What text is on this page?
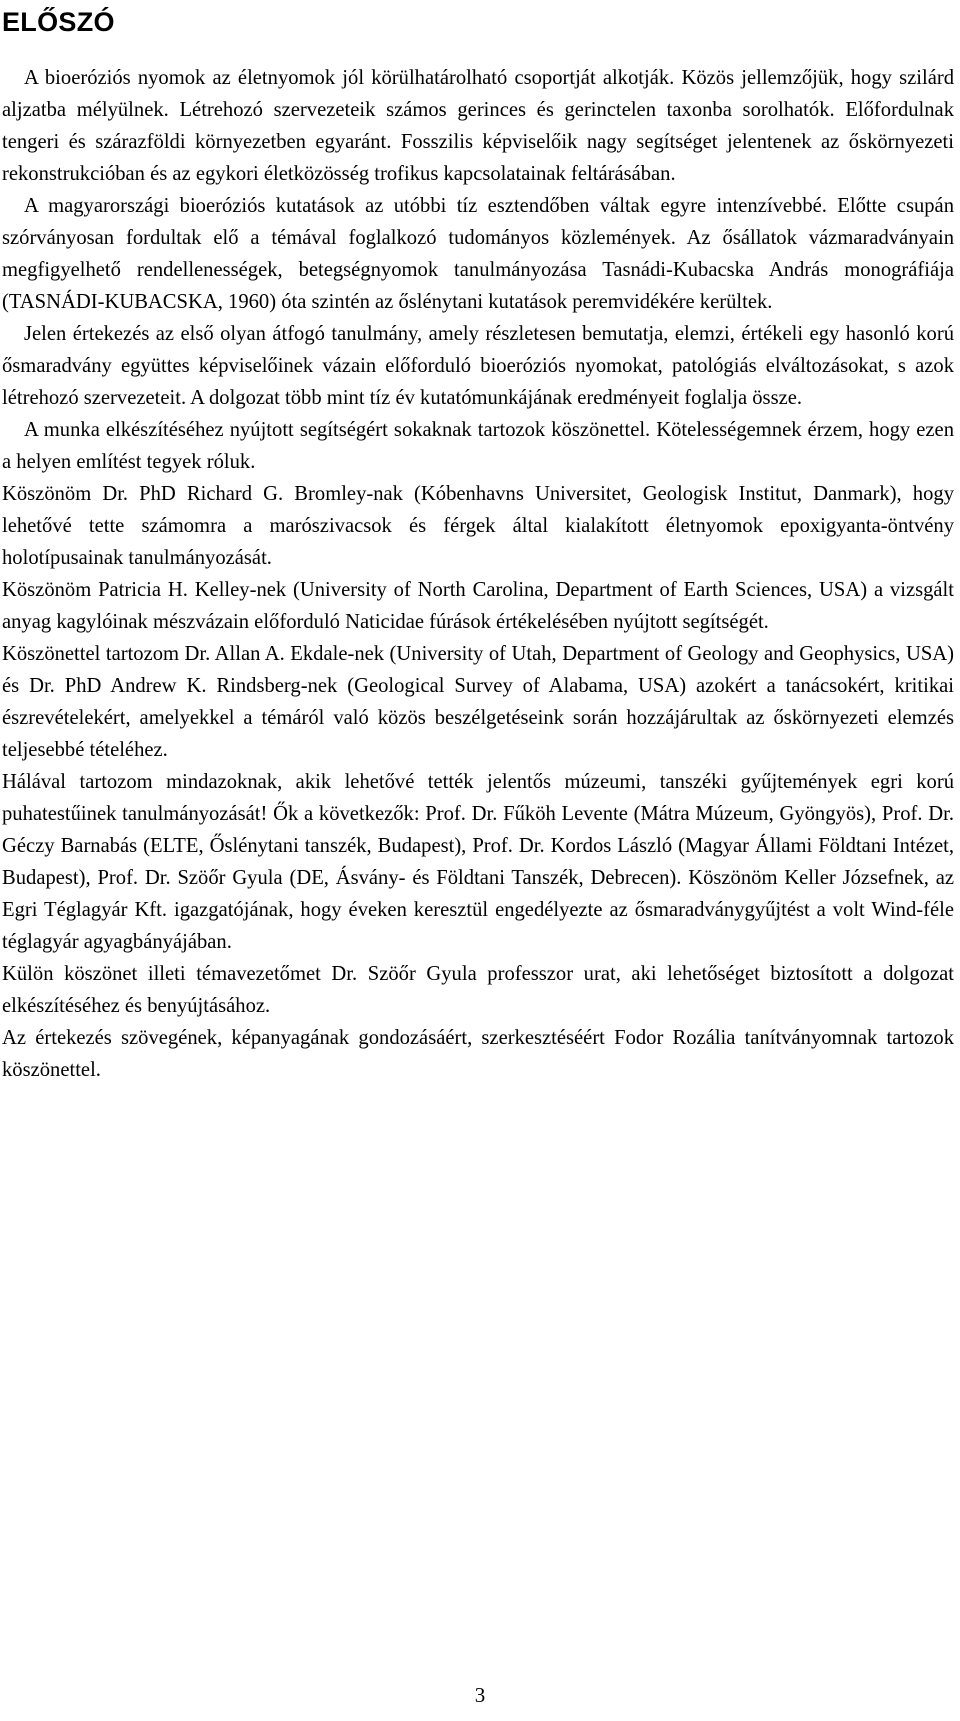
ELŐSZÓ

A bioeróziós nyomok az életnyomok jól körülhatárolható csoportját alkotják. Közös jellemzőjük, hogy szilárd aljzatba mélyülnek. Létrehozó szervezeteik számos gerinces és gerinctelen taxonba sorolhatók. Előfordulnak tengeri és szárazföldi környezetben egyaránt. Fosszilis képviselőik nagy segítséget jelentenek az őskörnyezeti rekonstrukcióban és az egykori életközösség trofikus kapcsolatainak feltárásában.

A magyarországi bioeróziós kutatások az utóbbi tíz esztendőben váltak egyre intenzívebbé. Előtte csupán szórványosan fordultak elő a témával foglalkozó tudományos közlemények. Az ősállatok vázmaradványain megfigyelhető rendellenességek, betegségnyomok tanulmányozása Tasnádi-Kubacska András monográfiája (TASNÁDI-KUBACSKA, 1960) óta szintén az őslénytani kutatások peremvidékére kerültek.

Jelen értekezés az első olyan átfogó tanulmány, amely részletesen bemutatja, elemzi, értékeli egy hasonló korú ősmaradvány együttes képviselőinek vázain előforduló bioeróziós nyomokat, patológiás elváltozásokat, s azok létrehozó szervezeteit. A dolgozat több mint tíz év kutatómunkájának eredményeit foglalja össze.

A munka elkészítéséhez nyújtott segítségért sokaknak tartozok köszönettel. Kötelességemnek érzem, hogy ezen a helyen említést tegyek róluk.

Köszönöm Dr. PhD Richard G. Bromley-nak (Kóbenhavns Universitet, Geologisk Institut, Danmark), hogy lehetővé tette számomra a marószivacsok és férgek által kialakított életnyomok epoxigyanta-öntvény holotípusainak tanulmányozását.

Köszönöm Patricia H. Kelley-nek (University of North Carolina, Department of Earth Sciences, USA) a vizsgált anyag kagylóinak mészvázain előforduló Naticidae fúrások értékelésében nyújtott segítségét.

Köszönettel tartozom Dr. Allan A. Ekdale-nek (University of Utah, Department of Geology and Geophysics, USA) és Dr. PhD Andrew K. Rindsberg-nek (Geological Survey of Alabama, USA) azokért a tanácsokért, kritikai észrevételekért, amelyekkel a témáról való közös beszélgetéseink során hozzájárultak az őskörnyezeti elemzés teljesebbé tételéhez.

Hálával tartozom mindazoknak, akik lehetővé tették jelentős múzeumi, tanszéki gyűjtemények egri korú puhatestűinek tanulmányozását! Ők a következők: Prof. Dr. Fűköh Levente (Mátra Múzeum, Gyöngyös), Prof. Dr. Géczy Barnabás (ELTE, Őslénytani tanszék, Budapest), Prof. Dr. Kordos László (Magyar Állami Földtani Intézet, Budapest), Prof. Dr. Szöőr Gyula (DE, Ásvány- és Földtani Tanszék, Debrecen). Köszönöm Keller Józsefnek, az Egri Téglagyár Kft. igazgatójának, hogy éveken keresztül engedélyezte az ősmaradványgyűjtést a volt Wind-féle téglagyár agyagbányájában.

Külön köszönet illeti témavezetőmet Dr. Szöőr Gyula professzor urat, aki lehetőséget biztosított a dolgozat elkészítéséhez és benyújtásához.

Az értekezés szövegének, képanyagának gondozásáért, szerkesztéséért Fodor Rozália tanítványomnak tartozok köszönettel.

3
